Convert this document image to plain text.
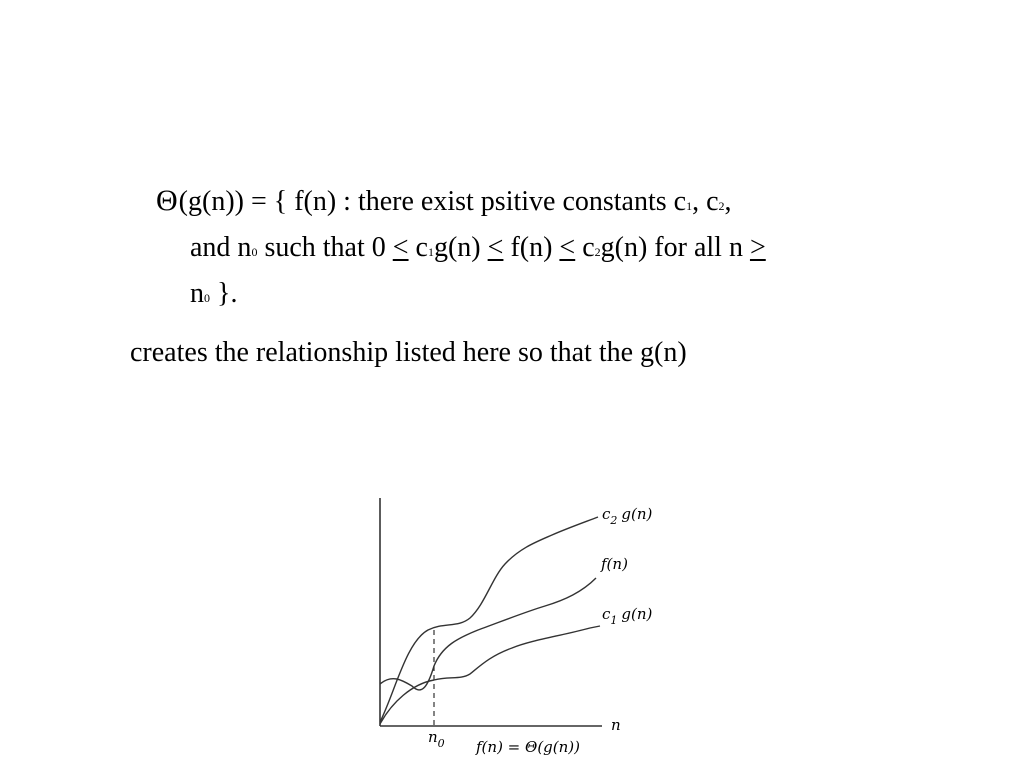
Θ(g(n)) = { f(n) : there exist psitive constants c1, c2,
and n0 such that 0 < c1g(n) < f(n) < c2g(n) for all n >
n0 }.
creates the relationship listed here so that the g(n)
$c_2$ g(n)
f(n)
$c_1$ g(n)
n
$n_0$ f(n) = Θ(g(n))
